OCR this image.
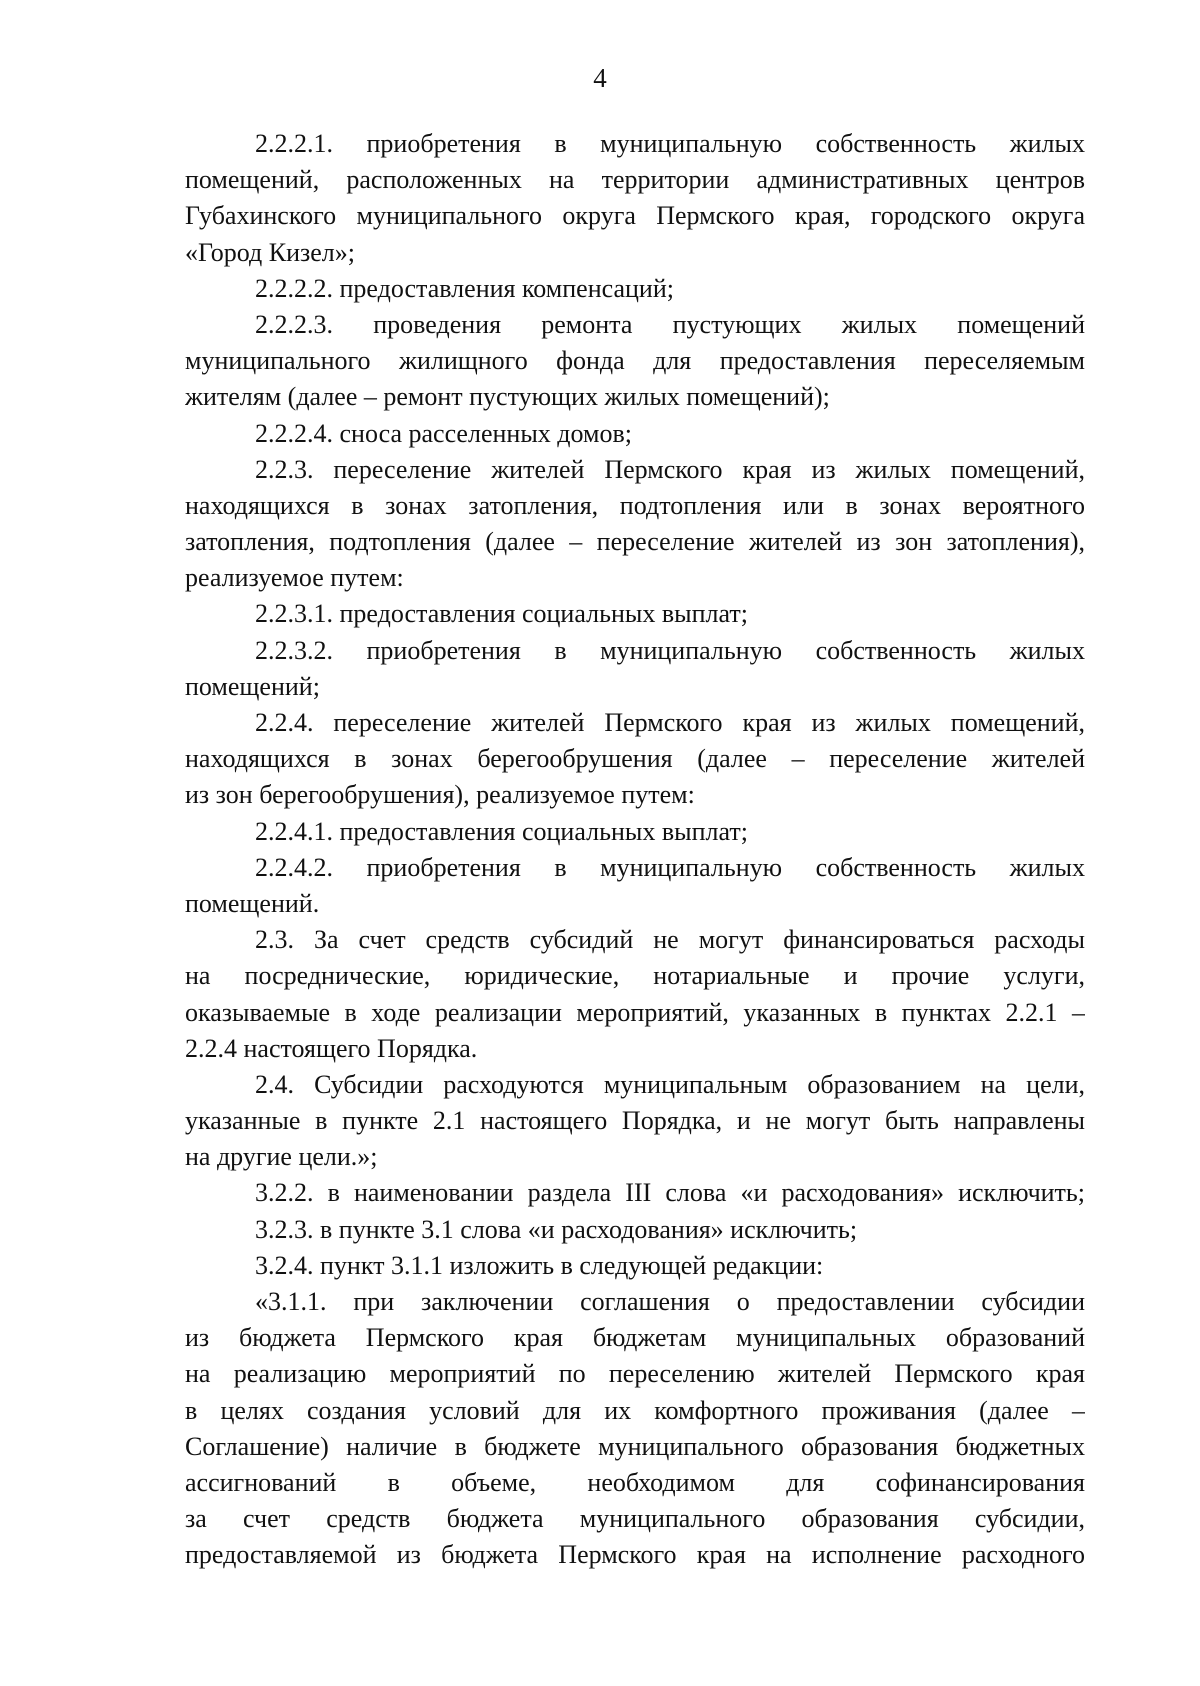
4
2.2.2.1. приобретения в муниципальную собственность жилых
помещений, расположенных на территории административных центров
Губахинского муниципального округа Пермского края, городского округа
«Город Кизел»;
2.2.2.2. предоставления компенсаций;
2.2.2.3. проведения ремонта пустующих жилых помещений
муниципального жилищного фонда для предоставления переселяемым
жителям (далее – ремонт пустующих жилых помещений);
2.2.2.4. сноса расселенных домов;
2.2.3. переселение жителей Пермского края из жилых помещений,
находящихся в зонах затопления, подтопления или в зонах вероятного
затопления, подтопления (далее – переселение жителей из зон затопления),
реализуемое путем:
2.2.3.1. предоставления социальных выплат;
2.2.3.2. приобретения в муниципальную собственность жилых
помещений;
2.2.4. переселение жителей Пермского края из жилых помещений,
находящихся в зонах берегообрушения (далее – переселение жителей
из зон берегообрушения), реализуемое путем:
2.2.4.1. предоставления социальных выплат;
2.2.4.2. приобретения в муниципальную собственность жилых
помещений.
2.3. За счет средств субсидий не могут финансироваться расходы
на посреднические, юридические, нотариальные и прочие услуги,
оказываемые в ходе реализации мероприятий, указанных в пунктах 2.2.1 –
2.2.4 настоящего Порядка.
2.4. Субсидии расходуются муниципальным образованием на цели,
указанные в пункте 2.1 настоящего Порядка, и не могут быть направлены
на другие цели.»;
3.2.2. в наименовании раздела III слова «и расходования» исключить;
3.2.3. в пункте 3.1 слова «и расходования» исключить;
3.2.4. пункт 3.1.1 изложить в следующей редакции:
«3.1.1. при заключении соглашения о предоставлении субсидии
из бюджета Пермского края бюджетам муниципальных образований
на реализацию мероприятий по переселению жителей Пермского края
в целях создания условий для их комфортного проживания (далее –
Соглашение) наличие в бюджете муниципального образования бюджетных
ассигнований в объеме, необходимом для софинансирования
за счет средств бюджета муниципального образования субсидии,
предоставляемой из бюджета Пермского края на исполнение расходного
